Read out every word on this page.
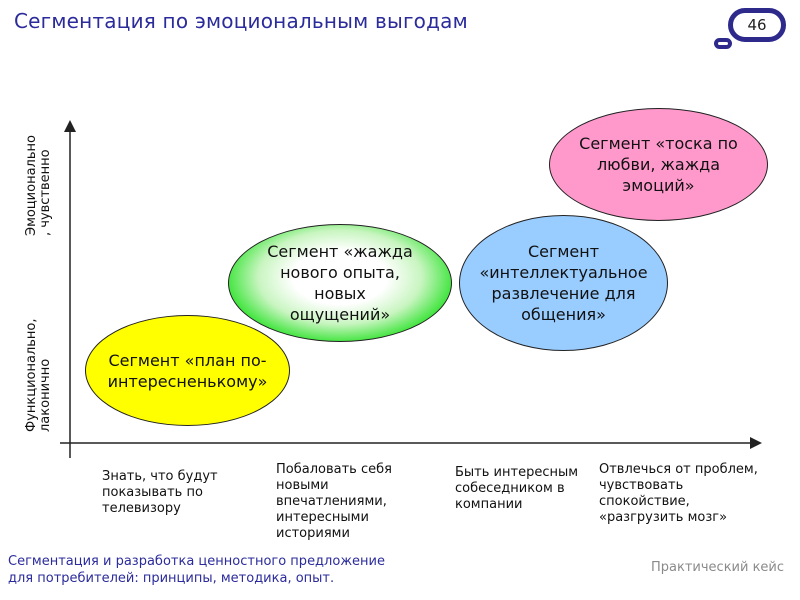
Сегментация по эмоциональным выгодам	46
Эмоционально , чувственно
Функционально, лаконично	Сегмент «план по-
интересненькому»
Сегмент «жажда
нового опыта,
новых
ощущений»
Сегмент
«интеллектуальное
развлечение для
общения»
Сегмент «тоска по
любви, жажда
эмоций»
Знать, что будут
показывать по
телевизору
Побаловать себя
новыми
впечатлениями,
интересными
историями
Быть интересным
собеседником в
компании
Отвлечься от проблем,
чувствовать
спокойствие,
«разгрузить мозг»
Сегментация и разработка ценностного предложение
для потребителей: принципы, методика, опыт.
Практический кейс
